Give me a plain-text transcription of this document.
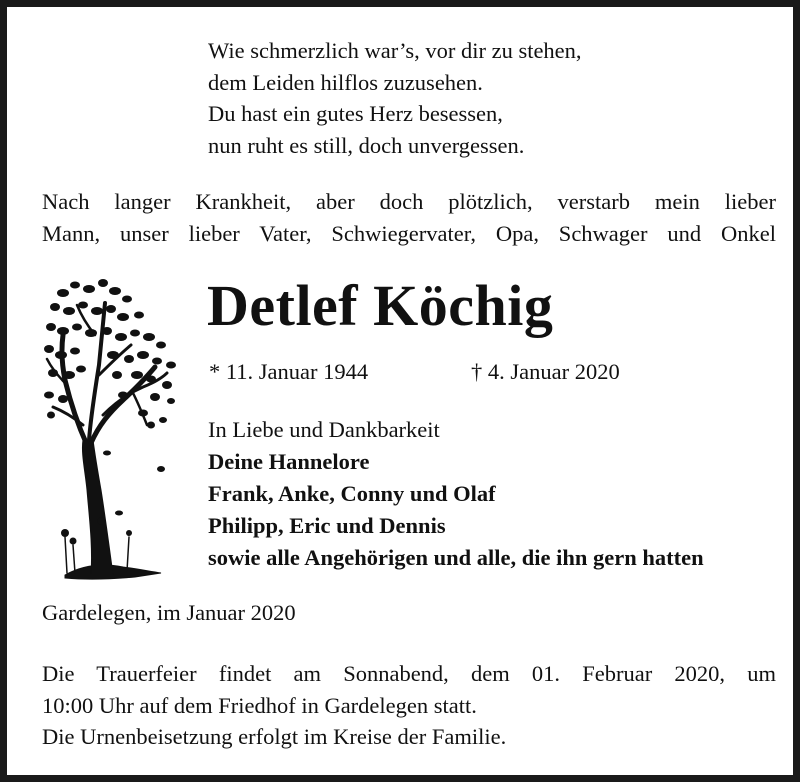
Wie schmerzlich war’s, vor dir zu stehen,
dem Leiden hilflos zuzusehen.
Du hast ein gutes Herz besessen,
nun ruht es still, doch unvergessen.
Nach langer Krankheit, aber doch plötzlich, verstarb mein lieber
Mann, unser lieber Vater, Schwiegervater, Opa, Schwager und Onkel
Detlef Köchig
* 11. Januar 1944	† 4. Januar 2020
In Liebe und Dankbarkeit
Deine Hannelore
Frank, Anke, Conny und Olaf
Philipp, Eric und Dennis
sowie alle Angehörigen und alle, die ihn gern hatten
Gardelegen, im Januar 2020
Die Trauerfeier findet am Sonnabend, dem 01. Februar 2020, um
10:00 Uhr auf dem Friedhof in Gardelegen statt.
Die Urnenbeisetzung erfolgt im Kreise der Familie.
